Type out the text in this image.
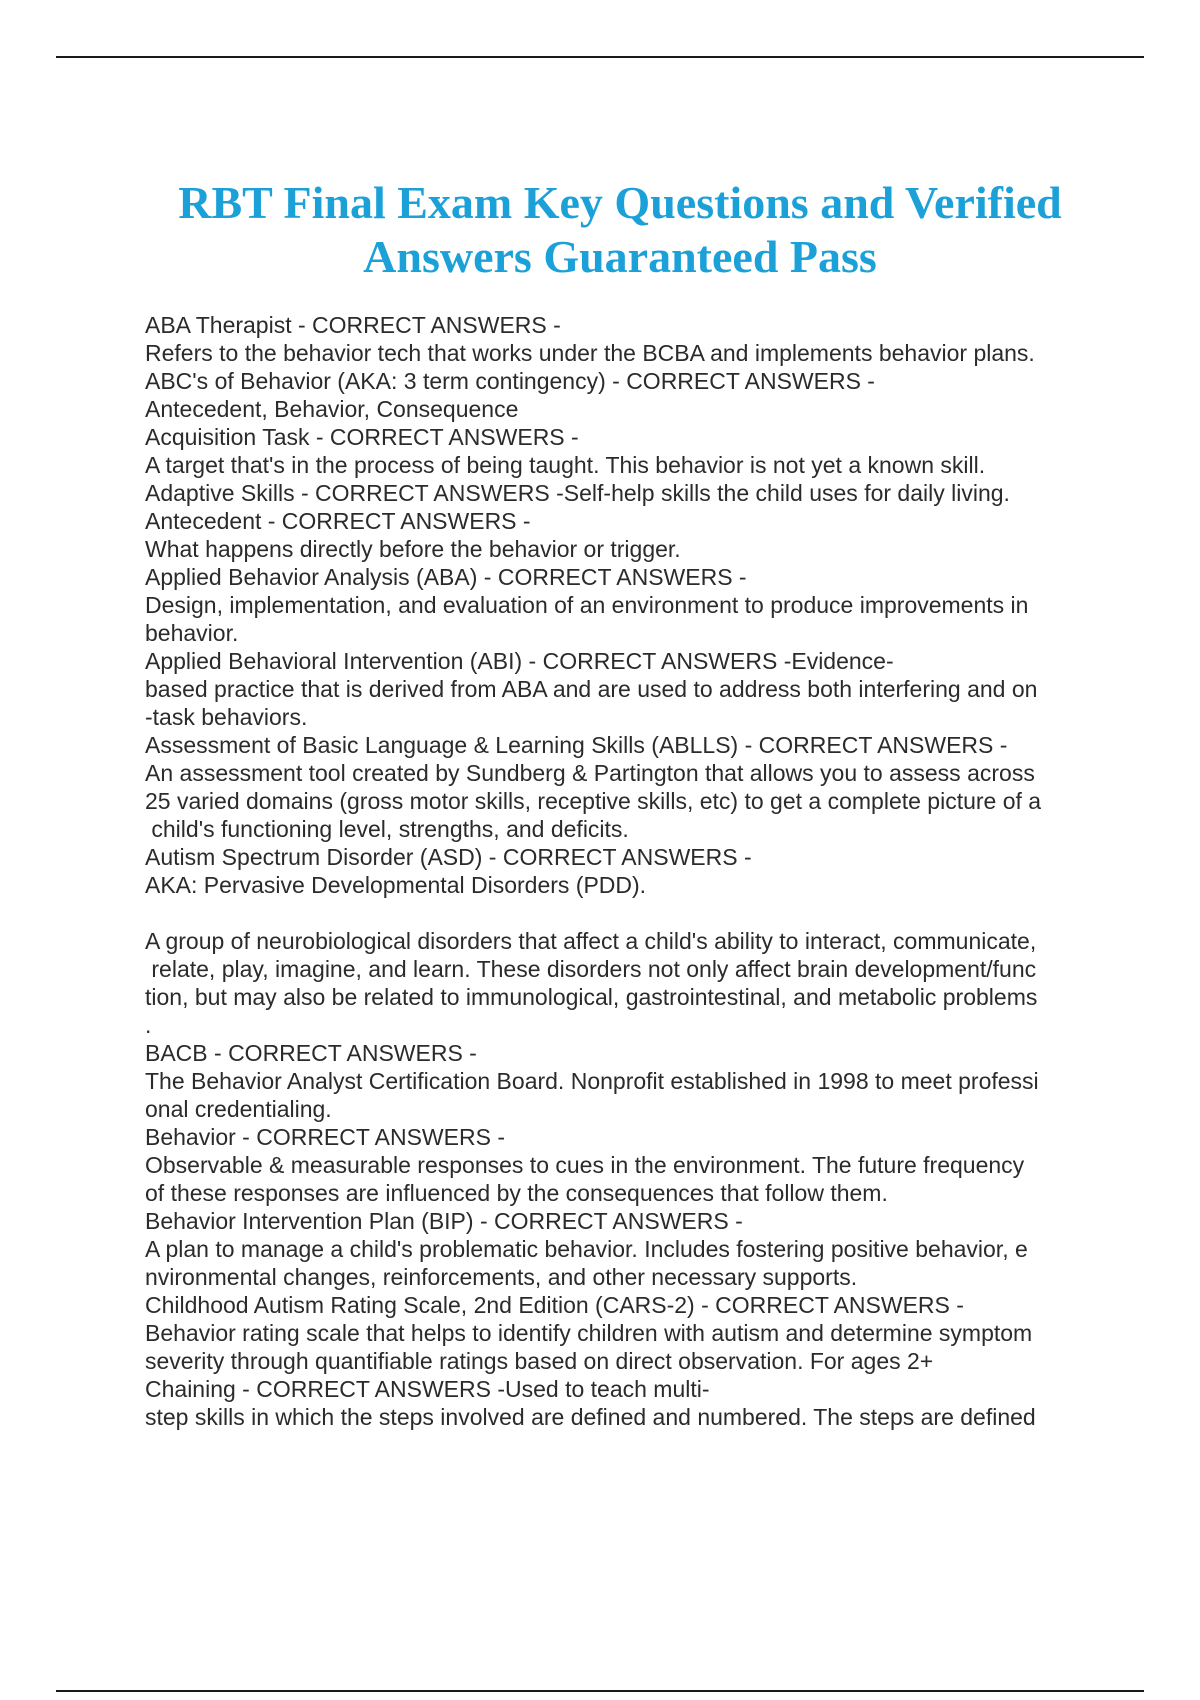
RBT Final Exam Key Questions and Verified
Answers Guaranteed Pass
ABA Therapist - CORRECT ANSWERS -
Refers to the behavior tech that works under the BCBA and implements behavior plans.
ABC's of Behavior (AKA: 3 term contingency) - CORRECT ANSWERS -
Antecedent, Behavior, Consequence
Acquisition Task - CORRECT ANSWERS -
A target that's in the process of being taught. This behavior is not yet a known skill.
Adaptive Skills - CORRECT ANSWERS -Self-help skills the child uses for daily living.
Antecedent - CORRECT ANSWERS -
What happens directly before the behavior or trigger.
Applied Behavior Analysis (ABA) - CORRECT ANSWERS -
Design, implementation, and evaluation of an environment to produce improvements in
behavior.
Applied Behavioral Intervention (ABI) - CORRECT ANSWERS -Evidence-
based practice that is derived from ABA and are used to address both interfering and on
-task behaviors.
Assessment of Basic Language & Learning Skills (ABLLS) - CORRECT ANSWERS -
An assessment tool created by Sundberg & Partington that allows you to assess across
25 varied domains (gross motor skills, receptive skills, etc) to get a complete picture of a
child's functioning level, strengths, and deficits.
Autism Spectrum Disorder (ASD) - CORRECT ANSWERS -
AKA: Pervasive Developmental Disorders (PDD).
A group of neurobiological disorders that affect a child's ability to interact, communicate,
relate, play, imagine, and learn. These disorders not only affect brain development/func
tion, but may also be related to immunological, gastrointestinal, and metabolic problems
.
BACB - CORRECT ANSWERS -
The Behavior Analyst Certification Board. Nonprofit established in 1998 to meet professi
onal credentialing.
Behavior - CORRECT ANSWERS -
Observable & measurable responses to cues in the environment. The future frequency
of these responses are influenced by the consequences that follow them.
Behavior Intervention Plan (BIP) - CORRECT ANSWERS -
A plan to manage a child's problematic behavior. Includes fostering positive behavior, e
nvironmental changes, reinforcements, and other necessary supports.
Childhood Autism Rating Scale, 2nd Edition (CARS-2) - CORRECT ANSWERS -
Behavior rating scale that helps to identify children with autism and determine symptom
severity through quantifiable ratings based on direct observation. For ages 2+
Chaining - CORRECT ANSWERS -Used to teach multi-
step skills in which the steps involved are defined and numbered. The steps are defined
